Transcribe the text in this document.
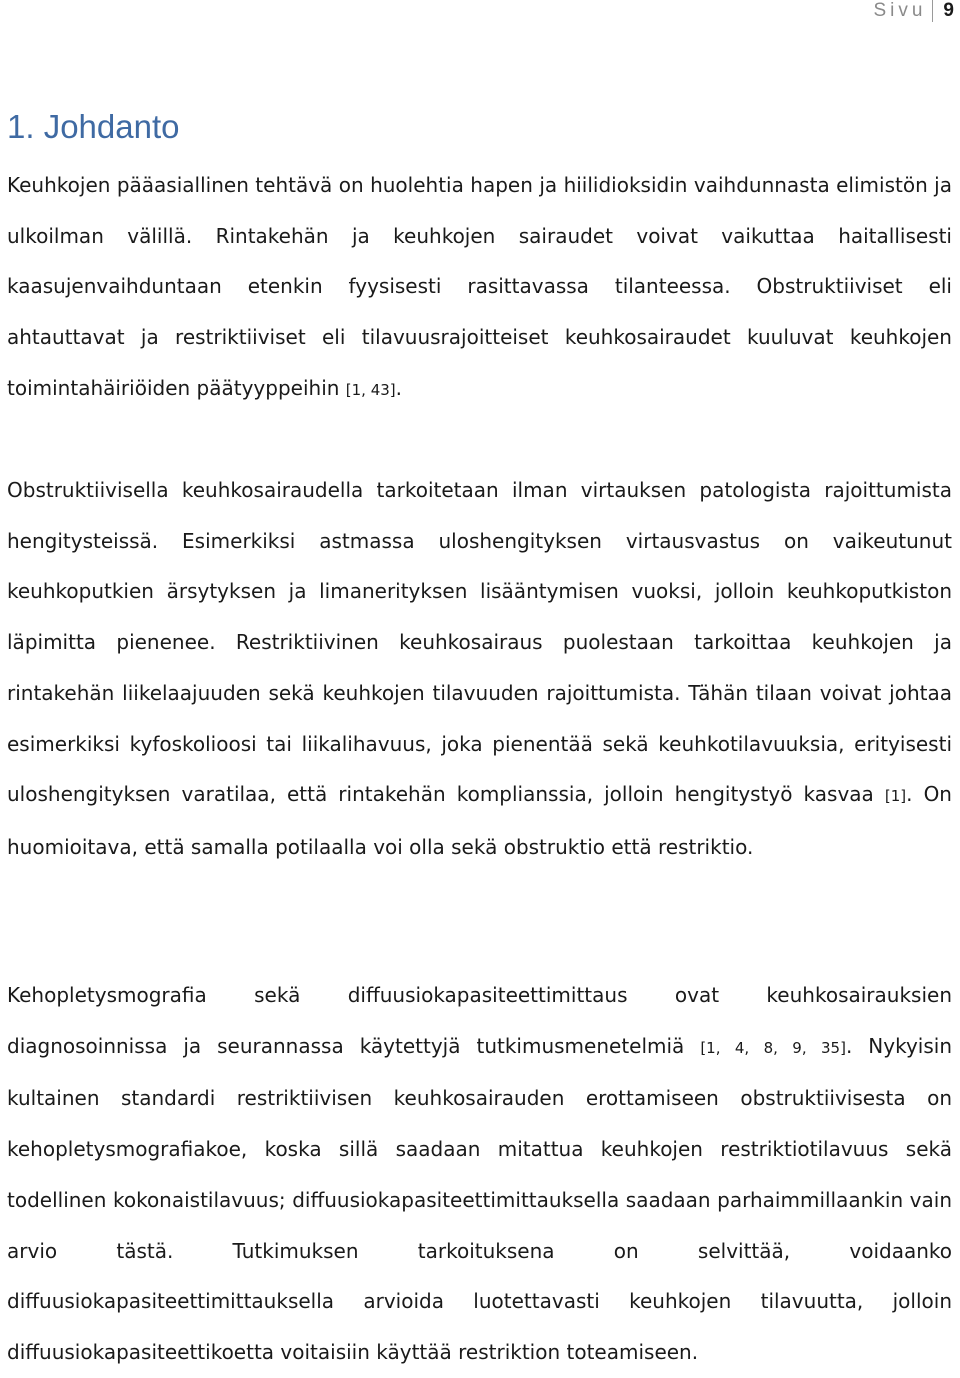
Sivu 9
1. Johdanto

Keuhkojen pääasiallinen tehtävä on huolehtia hapen ja hiilidioksidin vaihdunnasta elimistön ja ulkoilman välillä. Rintakehän ja keuhkojen sairaudet voivat vaikuttaa haitallisesti kaasujenvaihduntaan etenkin fyysisesti rasittavassa tilanteessa. Obstruktiiviset eli ahtauttavat ja restriktiiviset eli tilavuusrajoitteiset keuhkosairaudet kuuluvat keuhkojen toimintahäiriöiden päätyyppeihin [1, 43].

Obstruktiivisella keuhkosairaudella tarkoitetaan ilman virtauksen patologista rajoittumista hengitysteissä. Esimerkiksi astmassa uloshengityksen virtausvastus on vaikeutunut keuhkoputkien ärsytyksen ja limanerityksen lisääntymisen vuoksi, jolloin keuhkoputkiston läpimitta pienenee. Restriktiivinen keuhkosairaus puolestaan tarkoittaa keuhkojen ja rintakehän liikelaajuuden sekä keuhkojen tilavuuden rajoittumista. Tähän tilaan voivat johtaa esimerkiksi kyfoskolioosi tai liikalihavuus, joka pienentää sekä keuhkotilavuuksia, erityisesti uloshengityksen varatilaa, että rintakehän komplianssia, jolloin hengitystyö kasvaa [1]. On huomioitava, että samalla potilaalla voi olla sekä obstruktio että restriktio.

Kehopletysmografia sekä diffuusiokapasiteettimittaus ovat keuhkosairauksien diagnosoinnissa ja seurannassa käytettyjä tutkimusmenetelmiä [1, 4, 8, 9, 35]. Nykyisin kultainen standardi restriktiivisen keuhkosairauden erottamiseen obstruktiivisesta on kehopletysmografiakoe, koska sillä saadaan mitattua keuhkojen restriktiotilavuus sekä todellinen kokonaistilavuus; diffuusiokapasiteettimittauksella saadaan parhaimmillaankin vain arvio tästä. Tutkimuksen tarkoituksena on selvittää, voidaanko diffuusiokapasiteettimittauksella arvioida luotettavasti keuhkojen tilavuutta, jolloin diffuusiokapasiteettikoetta voitaisiin käyttää restriktion toteamiseen.
